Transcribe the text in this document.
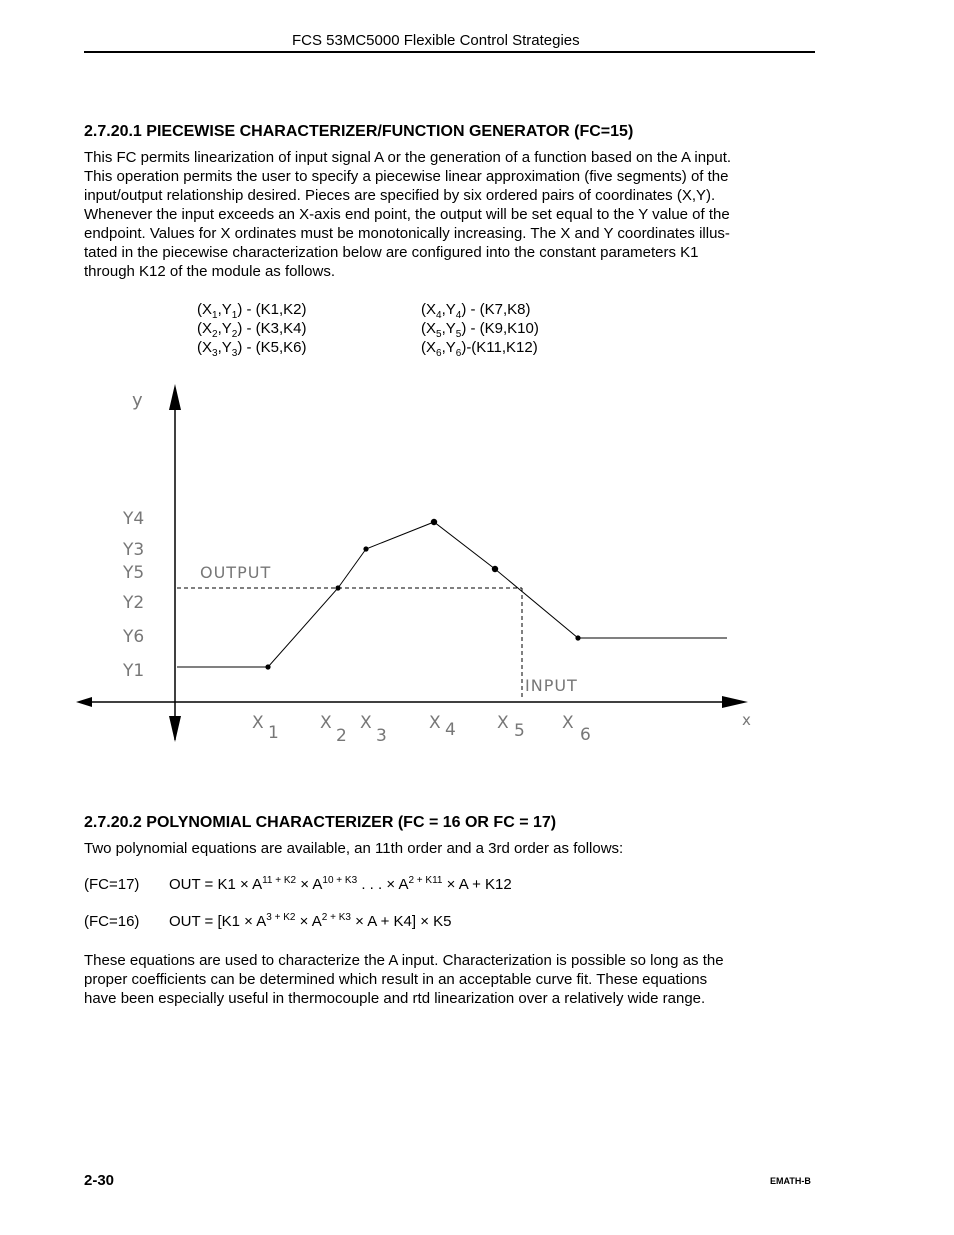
FCS 53MC5000 Flexible Control Strategies
2.7.20.1 PIECEWISE CHARACTERIZER/FUNCTION GENERATOR (FC=15)

This FC permits linearization of input signal A or the generation of a function based on the A input.

This operation permits the user to specify a piecewise linear approximation (five segments) of the

input/output relationship desired. Pieces are specified by six ordered pairs of coordinates (X,Y).

Whenever the input exceeds an X-axis end point, the output will be set equal to the Y value of the

endpoint. Values for X ordinates must be monotonically increasing. The X and Y coordinates illus-

tated in the piecewise characterization below are configured into the constant parameters K1

through K12 of the module as follows.

$(X_1,Y_1) - (K1,K2)$
$(X_2,Y_2) - (K3,K4)$
$(X_3,Y_3) - (K5,K6)$
$(X_4,Y_4) - (K7,K8)$
$(X_5,Y_5) - (K9,K10)$
$(X_6,Y_6)-(K11,K12)$
y
Y4
Y3
Y5
Y2
Y6
Y1
OUTPUT
INPUT
x
X 1 X
2
X
3
X 4 X 5 X
6
2.7.20.2 POLYNOMIAL CHARACTERIZER (FC = 16 OR FC = 17)

Two polynomial equations are available, an 11th order and a 3rd order as follows:

(FC=17) OUT = $K1 \times A^{11 + K2} \times A^{10 + K3}$ . . . × $A^{2 + K11} \times A + K12$
(FC=16) OUT = $[K1 \times A^{3 + K2} \times A^{2 + K3} \times A + K4] \times K5$

These equations are used to characterize the A input. Characterization is possible so long as the

proper coefficients can be determined which result in an acceptable curve fit. These equations

have been especially useful in thermocouple and rtd linearization over a relatively wide range.

2-30	EMATH-B
